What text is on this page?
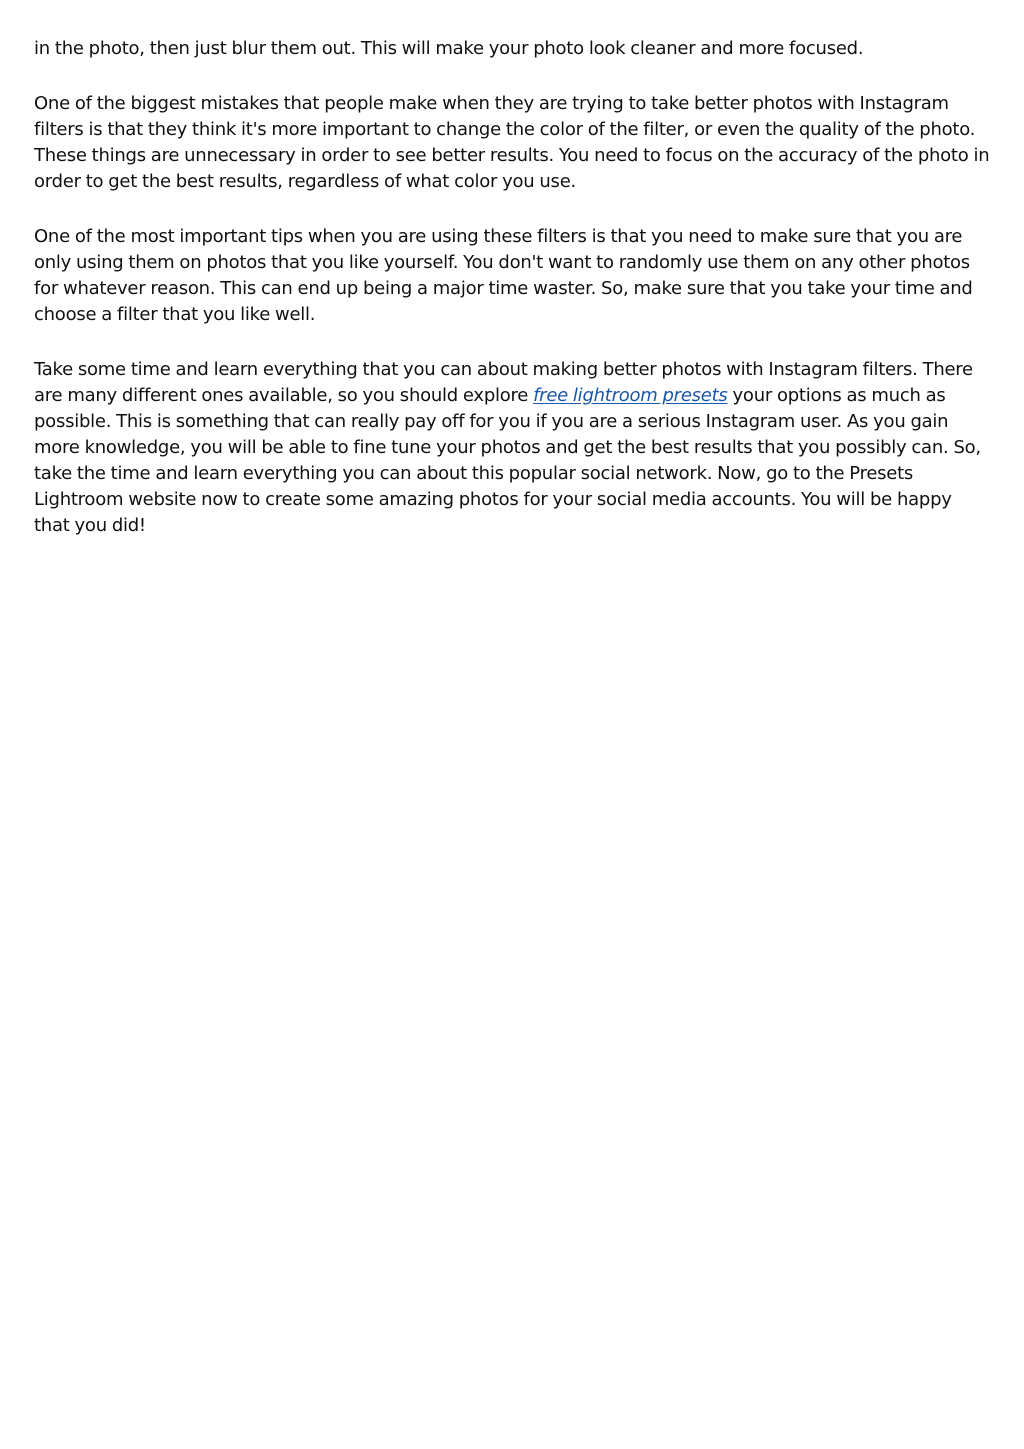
in the photo, then just blur them out. This will make your photo look cleaner and more focused.

One of the biggest mistakes that people make when they are trying to take better photos with Instagram filters is that they think it's more important to change the color of the filter, or even the quality of the photo. These things are unnecessary in order to see better results. You need to focus on the accuracy of the photo in order to get the best results, regardless of what color you use.

One of the most important tips when you are using these filters is that you need to make sure that you are only using them on photos that you like yourself. You don't want to randomly use them on any other photos for whatever reason. This can end up being a major time waster. So, make sure that you take your time and choose a filter that you like well.

Take some time and learn everything that you can about making better photos with Instagram filters. There are many different ones available, so you should explore free lightroom presets your options as much as possible. This is something that can really pay off for you if you are a serious Instagram user. As you gain more knowledge, you will be able to fine tune your photos and get the best results that you possibly can. So, take the time and learn everything you can about this popular social network. Now, go to the Presets Lightroom website now to create some amazing photos for your social media accounts. You will be happy that you did!
